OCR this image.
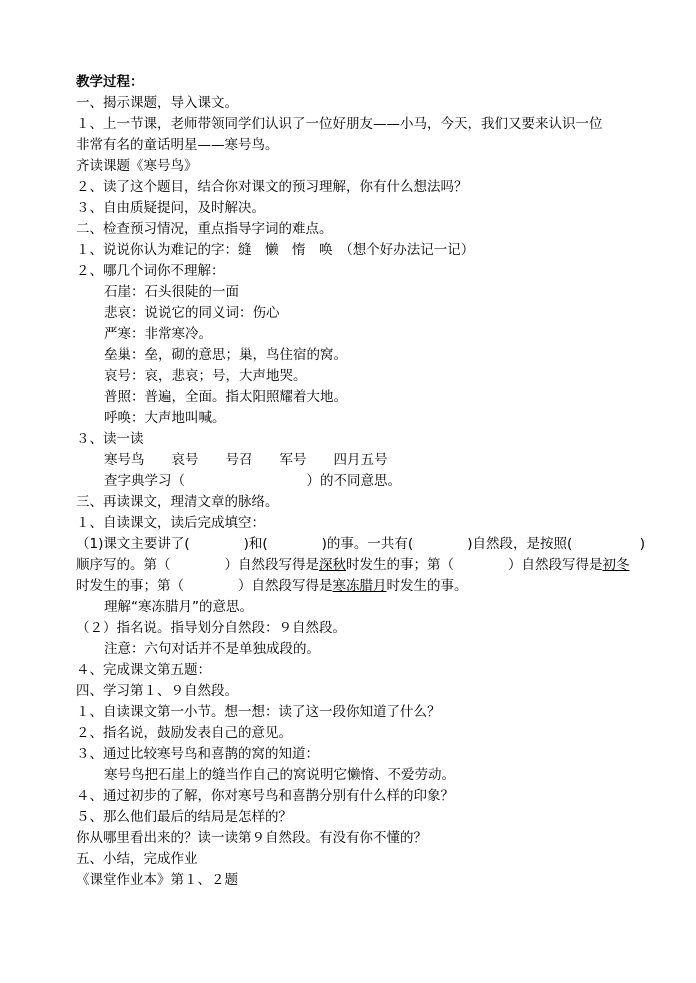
教学过程：
一、揭示课题，导入课文。
１、上一节课，老师带领同学们认识了一位好朋友——小马，今天，我们又要来认识一位
非常有名的童话明星——寒号鸟。
齐读课题《寒号鸟》
２、读了这个题目，结合你对课文的预习理解，你有什么想法吗？
３、自由质疑提问，及时解决。
二、检查预习情况，重点指导字词的难点。
１、说说你认为难记的字：缝　懒　惰　唤　（想个好办法记一记）
２、哪几个词你不理解：
石崖：石头很陡的一面
悲哀：说说它的同义词：伤心
严寒：非常寒冷。
垒巢：垒，砌的意思；巢，鸟住宿的窝。
哀号：哀，悲哀；号，大声地哭。
普照：普遍，全面。指太阳照耀着大地。
呼唤：大声地叫喊。
３、读一读
寒号鸟　　哀号　　号召　　军号　　四月五号
查字典学习（　　　　　　　　　）的不同意思。
三、再读课文，理清文章的脉络。
１、自读课文，读后完成填空：
（1)课文主要讲了(　　　　)和(　　　　)的事。一共有(　　　　)自然段，是按照(　　　　　)
顺序写的。第（　　　　）自然段写得是深秋时发生的事；第（　　　　）自然段写得是初冬
时发生的事；第（　　　　）自然段写得是寒冻腊月时发生的事。
理解“寒冻腊月”的意思。
（２）指名说。指导划分自然段：９自然段。
注意：六句对话并不是单独成段的。
４、完成课文第五题：
四、学习第１、９自然段。
１、自读课文第一小节。想一想：读了这一段你知道了什么？
２、指名说，鼓励发表自己的意见。
３、通过比较寒号鸟和喜鹊的窝的知道：
寒号鸟把石崖上的缝当作自己的窝说明它懒惰、不爱劳动。
４、通过初步的了解，你对寒号鸟和喜鹊分别有什么样的印象？
５、那么他们最后的结局是怎样的？
你从哪里看出来的？读一读第９自然段。有没有你不懂的？
五、小结，完成作业
《课堂作业本》第１、２题
